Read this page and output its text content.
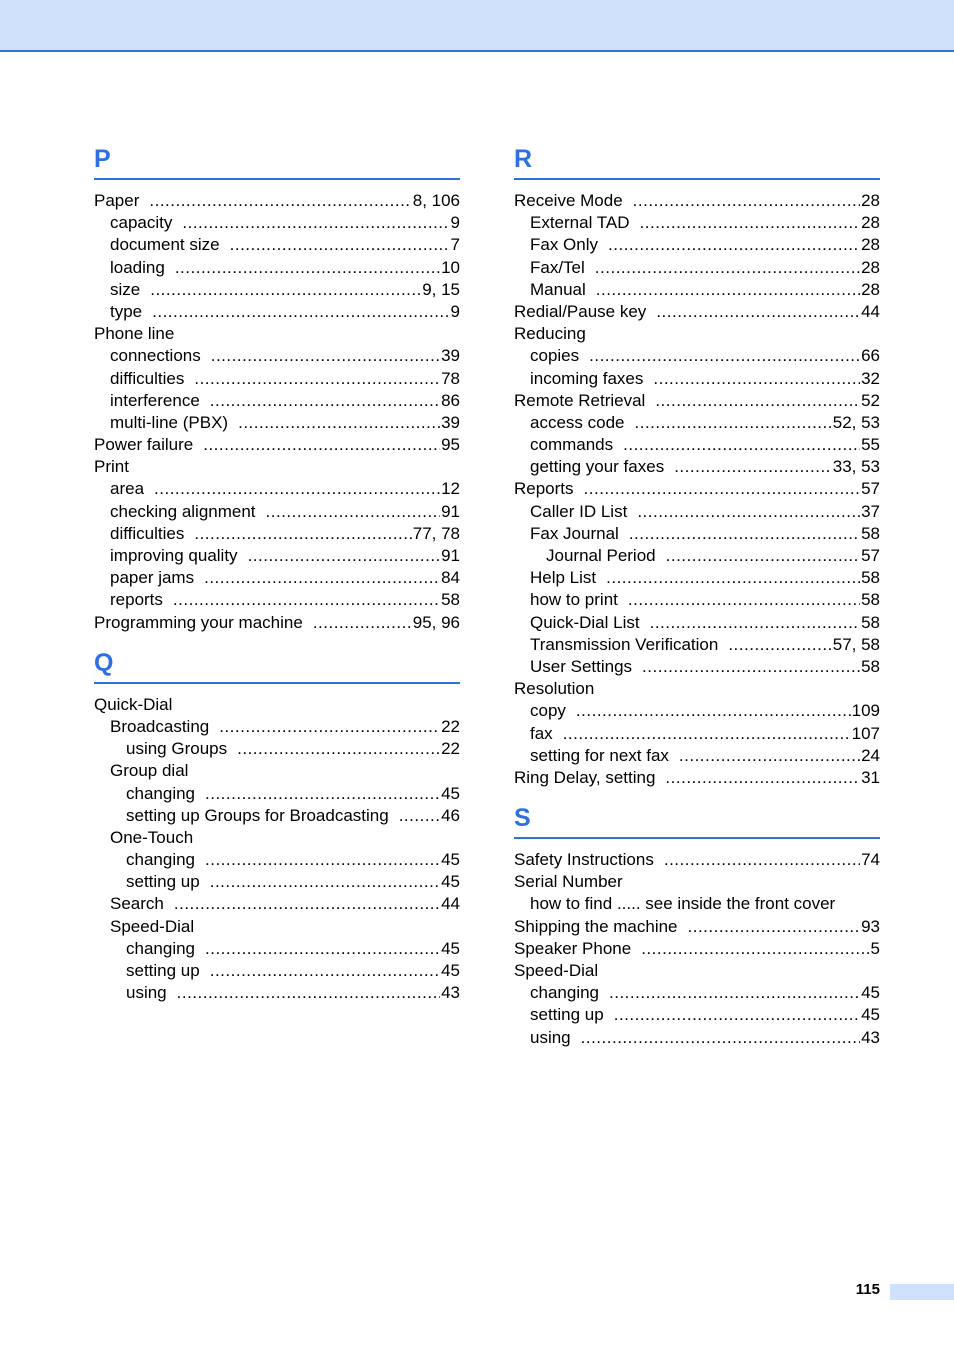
P
Paper .....	8, 106
capacity .....	9
document size .....	7
loading .....	10
size .....	9, 15
type .....	9
Phone line
connections .....	39
difficulties .....	78
interference .....	86
multi-line (PBX) .....	39
Power failure .....	95
Print
area .....	12
checking alignment .....	91
difficulties .....	77, 78
improving quality .....	91
paper jams .....	84
reports .....	58
Programming your machine .....	95, 96
Q
Quick-Dial
Broadcasting .....	22
using Groups .....	22
Group dial
changing .....	45
setting up Groups for Broadcasting .....	46
One-Touch
changing .....	45
setting up .....	45
Search .....	44
Speed-Dial
changing .....	45
setting up .....	45
using .....	43
R
Receive Mode .....	28
External TAD .....	28
Fax Only .....	28
Fax/Tel .....	28
Manual .....	28
Redial/Pause key .....	44
Reducing
copies .....	66
incoming faxes .....	32
Remote Retrieval .....	52
access code .....	52, 53
commands .....	55
getting your faxes .....	33, 53
Reports .....	57
Caller ID List .....	37
Fax Journal .....	58
Journal Period .....	57
Help List .....	58
how to print .....	58
Quick-Dial List .....	58
Transmission Verification .....	57, 58
User Settings .....	58
Resolution
copy .....	109
fax .....	107
setting for next fax .....	24
Ring Delay, setting .....	31
S
Safety Instructions .....	74
Serial Number
how to find ..... see inside the front cover
Shipping the machine .....	93
Speaker Phone .....	5
Speed-Dial
changing .....	45
setting up .....	45
using .....	43
115
